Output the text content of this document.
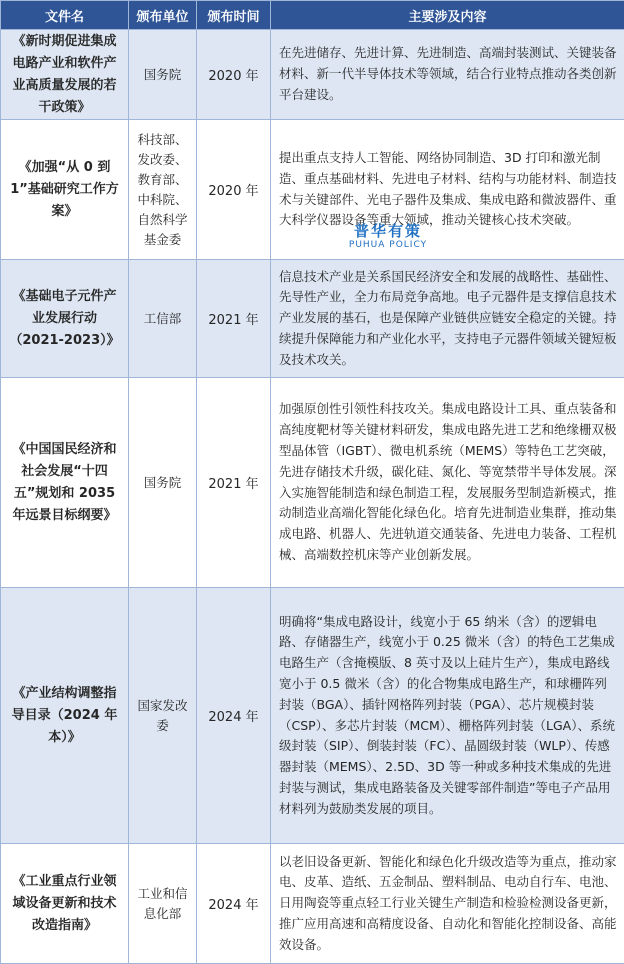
文件名	颁布单位	颁布时间	主要涉及内容
《新时期促进集成电路产业和软件产业高质量发展的若干政策》	国务院	2020 年	在先进储存、先进计算、先进制造、高端封装测试、关键装备材料、新一代半导体技术等领域，结合行业特点推动各类创新平台建设。
《加强“从 0 到 1”基础研究工作方案》	科技部、发改委、教育部、中科院、自然科学基金委	2020 年	提出重点支持人工智能、网络协同制造、3D 打印和激光制造、重点基础材料、先进电子材料、结构与功能材料、制造技术与关键部件、光电子器件及集成、集成电路和微波器件、重大科学仪器设备等重大领域，推动关键核心技术突破。
《基础电子元件产业发展行动（2021-2023）》	工信部	2021 年	信息技术产业是关系国民经济安全和发展的战略性、基础性、先导性产业，全力布局竞争高地。电子元器件是支撑信息技术产业发展的基石，也是保障产业链供应链安全稳定的关键。持续提升保障能力和产业化水平，支持电子元器件领域关键短板及技术攻关。
《中国国民经济和社会发展“十四五”规划和 2035 年远景目标纲要》	国务院	2021 年	加强原创性引领性科技攻关。集成电路设计工具、重点装备和高纯度靶材等关键材料研发，集成电路先进工艺和绝缘栅双极型晶体管（IGBT）、微电机系统（MEMS）等特色工艺突破，先进存储技术升级，碳化硅、氮化、等宽禁带半导体发展。深入实施智能制造和绿色制造工程，发展服务型制造新模式，推动制造业高端化智能化绿色化。培育先进制造业集群，推动集成电路、机器人、先进轨道交通装备、先进电力装备、工程机械、高端数控机床等产业创新发展。
《产业结构调整指导目录（2024 年本）》	国家发改委	2024 年	明确将“集成电路设计，线宽小于 65 纳米（含）的逻辑电路、存储器生产，线宽小于 0.25 微米（含）的特色工艺集成电路生产（含掩模版、8 英寸及以上硅片生产），集成电路线宽小于 0.5 微米（含）的化合物集成电路生产，和球栅阵列封装（BGA）、插针网格阵列封装（PGA）、芯片规模封装（CSP）、多芯片封装（MCM）、栅格阵列封装（LGA）、系统级封装（SIP）、倒装封装（FC）、晶圆级封装（WLP）、传感器封装（MEMS）、2.5D、3D 等一种或多种技术集成的先进封装与测试，集成电路装备及关键零部件制造”等电子产品用材料列为鼓励类发展的项目。
《工业重点行业领域设备更新和技术改造指南》	工业和信息化部	2024 年	以老旧设备更新、智能化和绿色化升级改造等为重点，推动家电、皮革、造纸、五金制品、塑料制品、电动自行车、电池、日用陶瓷等重点轻工行业关键生产制造和检验检测设备更新，推广应用高速和高精度设备、自动化和智能化控制设备、高能效设备。
普华有策
PUHUA POLICY
